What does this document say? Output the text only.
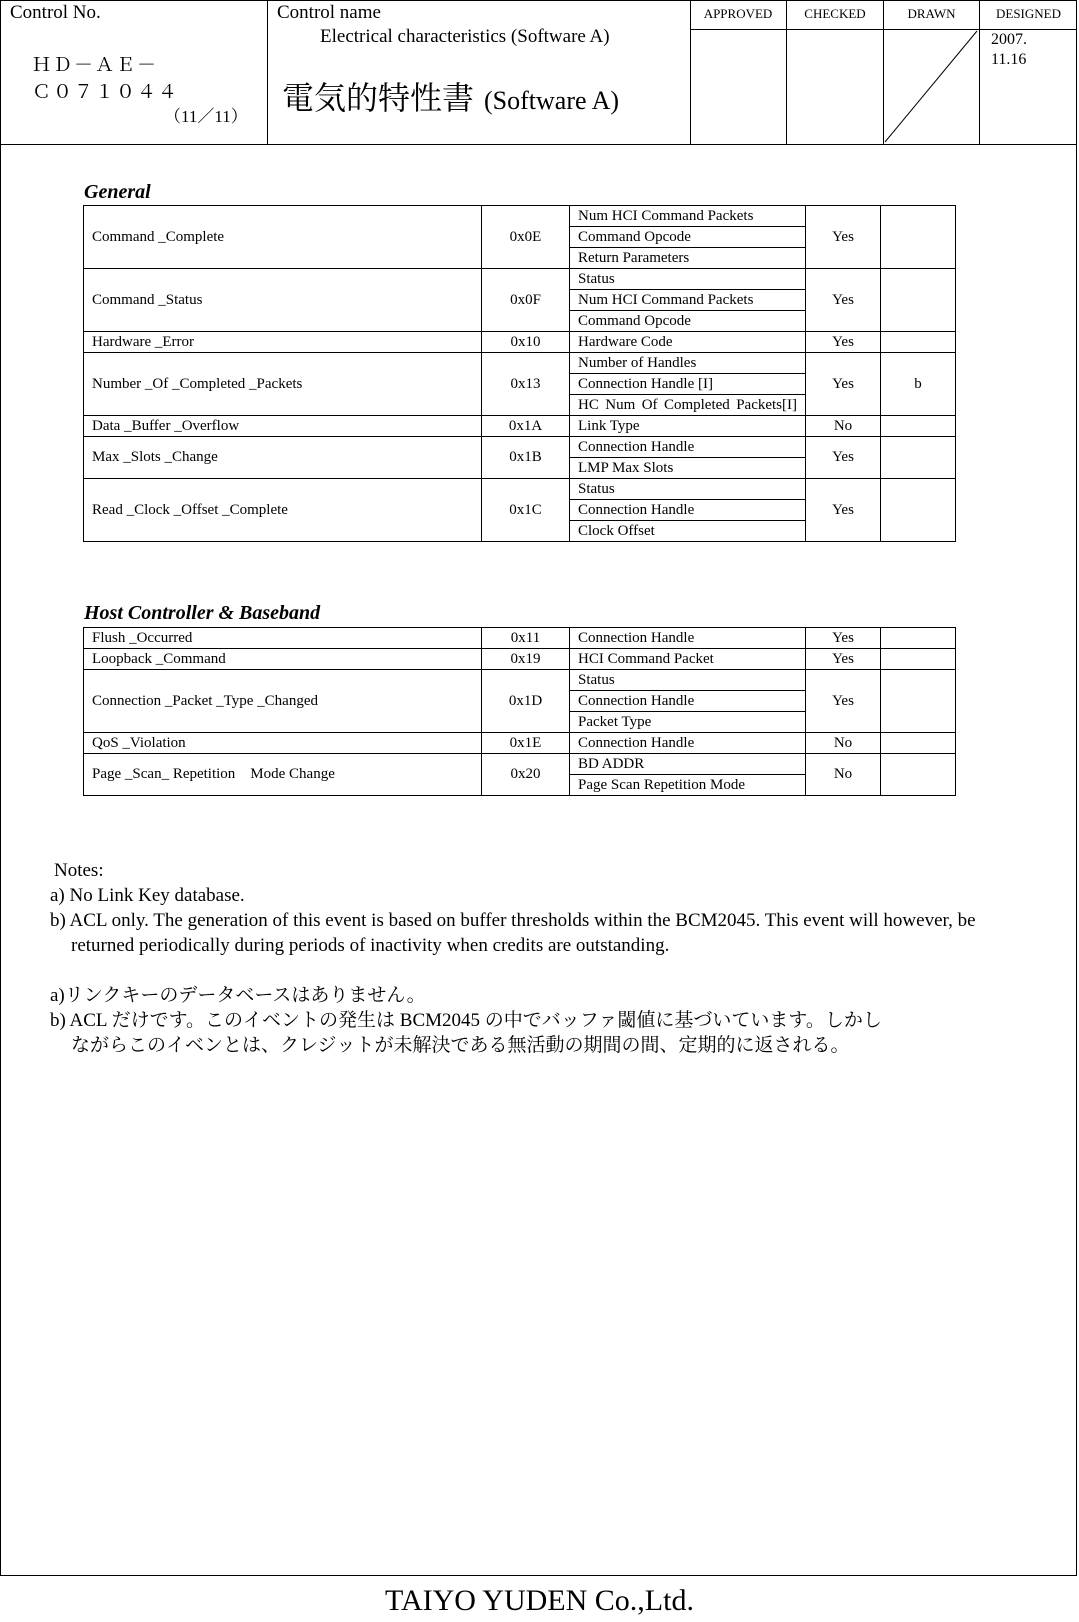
Control No.
ＨＤ－ＡＥ－
Ｃ０７１０４４
（11／11）
Control name
Electrical characteristics (Software A)
電気的特性書 (Software A)
APPROVED	CHECKED	DRAWN	DESIGNED
2007.
11.16
General
Command _Complete	0x0E	Num HCI Command Packets	Yes	
		Command Opcode		
		Return Parameters		
Command _Status	0x0F	Status	Yes	
		Num HCI Command Packets		
		Command Opcode		
Hardware _Error	0x10	Hardware Code	Yes	
Number _Of _Completed _Packets	0x13	Number of Handles	Yes	b
		Connection Handle [I]		
		HC Num Of Completed Packets[I]		
Data _Buffer _Overflow	0x1A	Link Type	No	
Max _Slots _Change	0x1B	Connection Handle	Yes	
		LMP Max Slots		
Read _Clock _Offset _Complete	0x1C	Status	Yes	
		Connection Handle		
		Clock Offset		
Host Controller & Baseband
Flush _Occurred	0x11	Connection Handle	Yes	
Loopback _Command	0x19	HCI Command Packet	Yes	
Connection _Packet _Type _Changed	0x1D	Status	Yes	
		Connection Handle		
		Packet Type		
QoS _Violation	0x1E	Connection Handle	No	
Page _Scan_ Repetition　Mode Change	0x20	BD ADDR	No	
		Page Scan Repetition Mode		
Notes:
a) No Link Key database.
b) ACL only. The generation of this event is based on buffer thresholds within the BCM2045. This event will however, be
returned periodically during periods of inactivity when credits are outstanding.
a)リンクキーのデータベースはありません。
b) ACL だけです。このイベントの発生は BCM2045 の中でバッファ閾値に基づいています。しかし
ながらこのイベンとは、クレジットが未解決である無活動の期間の間、定期的に返される。
TAIYO YUDEN Co.,Ltd.
